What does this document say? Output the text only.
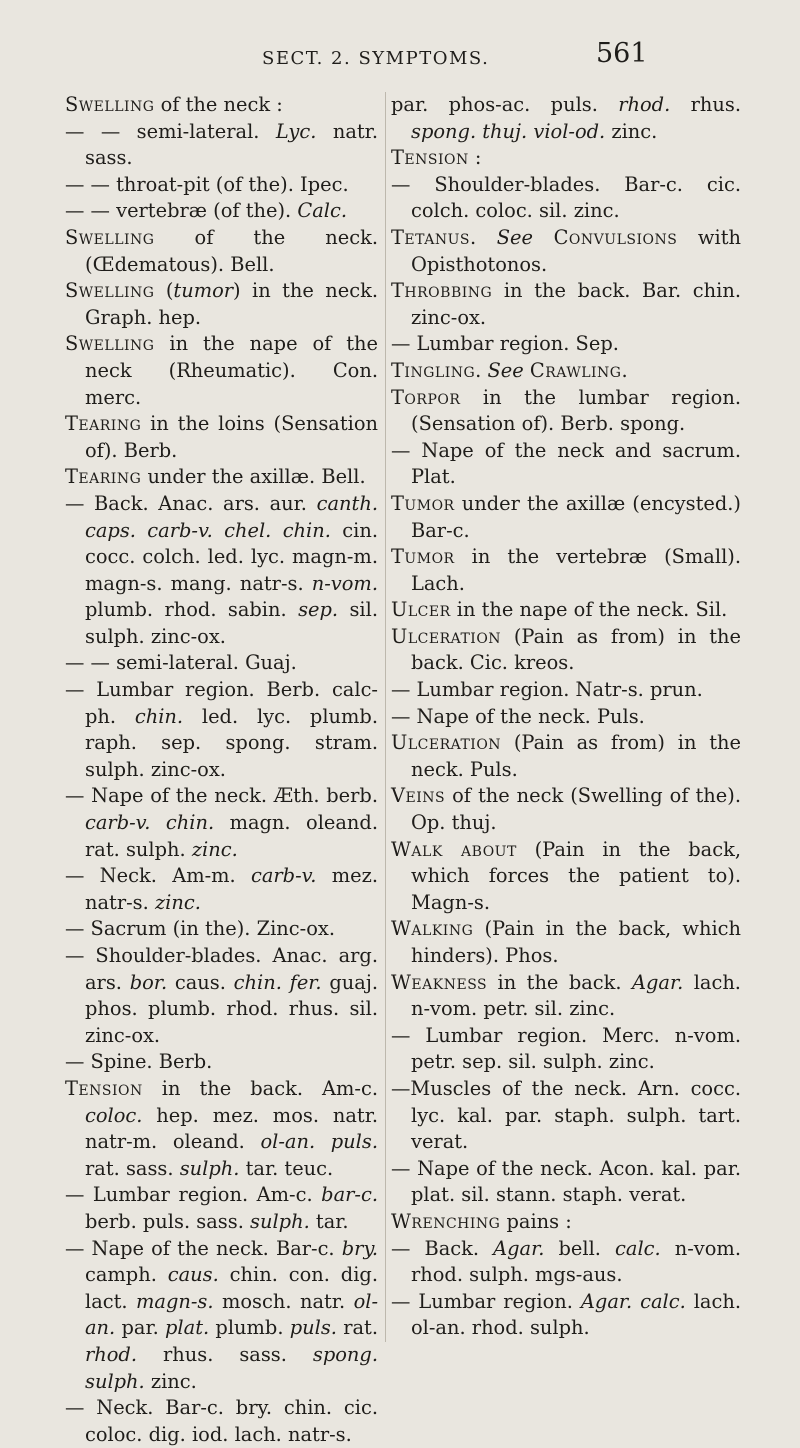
SECT. 2. SYMPTOMS.	561
Swelling of the neck :
— — semi-lateral. Lyc. natr. sass.
— — throat-pit (of the). Ipec.
— — vertebræ (of the). Calc.
Swelling of the neck. (Œdematous). Bell.
Swelling (tumor) in the neck. Graph. hep.
Swelling in the nape of the neck (Rheumatic). Con. merc.
Tearing in the loins (Sensation of). Berb.
Tearing under the axillæ. Bell.
— Back. Anac. ars. aur. canth. caps. carb-v. chel. chin. cin. cocc. colch. led. lyc. magn-m. magn-s. mang. natr-s. n-vom. plumb. rhod. sabin. sep. sil. sulph. zinc-ox.
— — semi-lateral. Guaj.
— Lumbar region. Berb. calc-ph. chin. led. lyc. plumb. raph. sep. spong. stram. sulph. zinc-ox.
— Nape of the neck. Æth. berb. carb-v. chin. magn. oleand. rat. sulph. zinc.
— Neck. Am-m. carb-v. mez. natr-s. zinc.
— Sacrum (in the). Zinc-ox.
— Shoulder-blades. Anac. arg. ars. bor. caus. chin. fer. guaj. phos. plumb. rhod. rhus. sil. zinc-ox.
— Spine. Berb.
Tension in the back. Am-c. coloc. hep. mez. mos. natr. natr-m. oleand. ol-an. puls. rat. sass. sulph. tar. teuc.
— Lumbar region. Am-c. bar-c. berb. puls. sass. sulph. tar.
— Nape of the neck. Bar-c. bry. camph. caus. chin. con. dig. lact. magn-s. mosch. natr. ol-an. par. plat. plumb. puls. rat. rhod. rhus. sass. spong. sulph. zinc.
— Neck. Bar-c. bry. chin. cic. coloc. dig. iod. lach. natr-s.
par. phos-ac. puls. rhod. rhus. spong. thuj. viol-od. zinc.
Tension :
— Shoulder-blades. Bar-c. cic. colch. coloc. sil. zinc.
Tetanus. See Convulsions with Opisthotonos.
Throbbing in the back. Bar. chin. zinc-ox.
— Lumbar region. Sep.
Tingling. See Crawling.
Torpor in the lumbar region. (Sensation of). Berb. spong.
— Nape of the neck and sacrum. Plat.
Tumor under the axillæ (encysted.) Bar-c.
Tumor in the vertebræ (Small). Lach.
Ulcer in the nape of the neck. Sil.
Ulceration (Pain as from) in the back. Cic. kreos.
— Lumbar region. Natr-s. prun.
— Nape of the neck. Puls.
Ulceration (Pain as from) in the neck. Puls.
Veins of the neck (Swelling of the). Op. thuj.
Walk about (Pain in the back, which forces the patient to). Magn-s.
Walking (Pain in the back, which hinders). Phos.
Weakness in the back. Agar. lach. n-vom. petr. sil. zinc.
— Lumbar region. Merc. n-vom. petr. sep. sil. sulph. zinc.
—Muscles of the neck. Arn. cocc. lyc. kal. par. staph. sulph. tart. verat.
— Nape of the neck. Acon. kal. par. plat. sil. stann. staph. verat.
Wrenching pains :
— Back. Agar. bell. calc. n-vom. rhod. sulph. mgs-aus.
— Lumbar region. Agar. calc. lach. ol-an. rhod. sulph.
